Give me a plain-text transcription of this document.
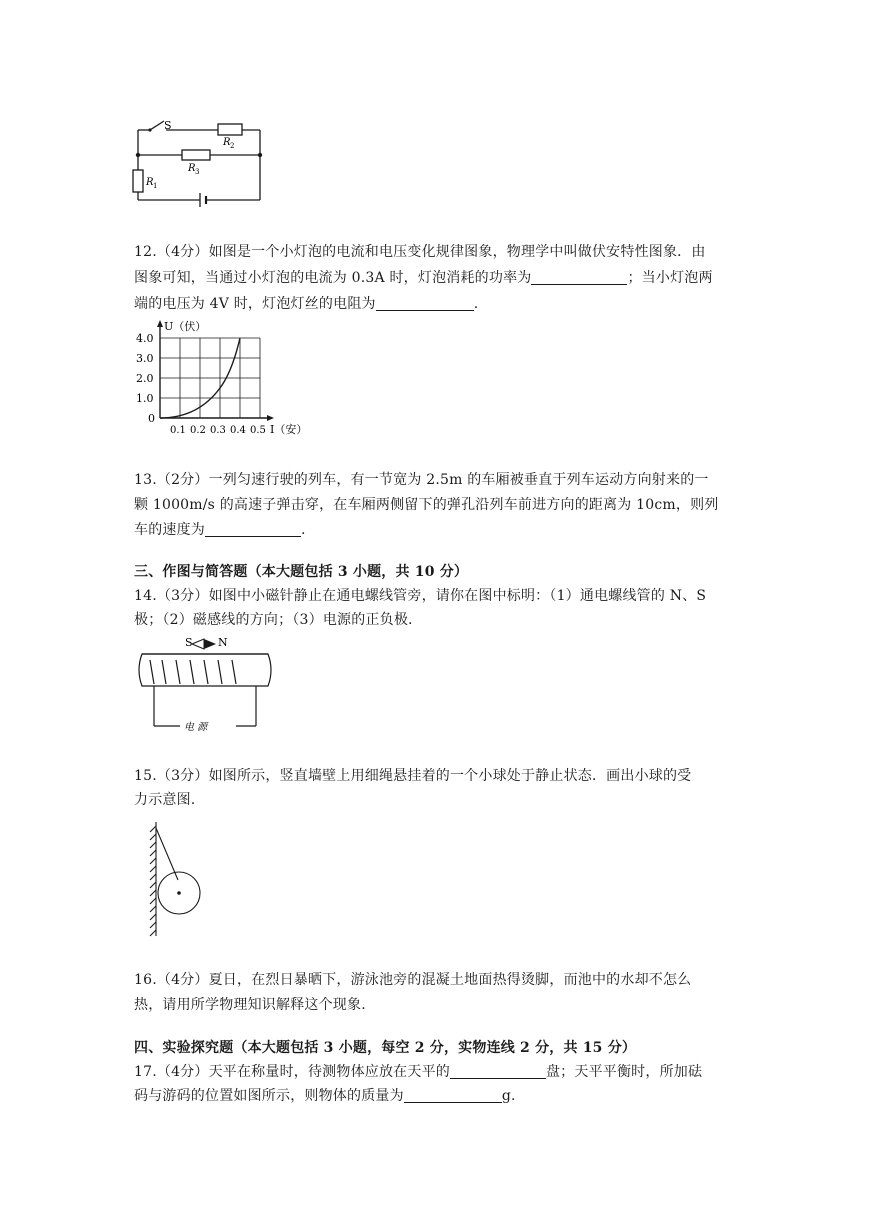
S
R 2
R 3
R 1
12.（4分）如图是一个小灯泡的电流和电压变化规律图象，物理学中叫做伏安特性图象．由
图象可知，当通过小灯泡的电流为 0.3A 时，灯泡消耗的功率为	；当小灯泡两
端的电压为 4V 时，灯泡灯丝的电阻为	.
U（伏）
4.0
3.0
2.0
1.0
0
0.1 0.2 0.3 0.4 0.5 I（安）
13.（2分）一列匀速行驶的列车，有一节宽为 2.5m 的车厢被垂直于列车运动方向射来的一
颗 1000m/s 的高速子弹击穿，在车厢两侧留下的弹孔沿列车前进方向的距离为 10cm，则列
车的速度为	.
三、作图与简答题（本大题包括 3 小题，共 10 分）
14.（3分）如图中小磁针静止在通电螺线管旁，请你在图中标明：（1）通电螺线管的 N、S
极；（2）磁感线的方向；（3）电源的正负极.
S N
电 源
15.（3分）如图所示，竖直墙壁上用细绳悬挂着的一个小球处于静止状态．画出小球的受
力示意图.
16.（4分）夏日，在烈日暴晒下，游泳池旁的混凝土地面热得烫脚，而池中的水却不怎么
热，请用所学物理知识解释这个现象.
四、实验探究题（本大题包括 3 小题，每空 2 分，实物连线 2 分，共 15 分）
17.（4分）天平在称量时，待测物体应放在天平的	盘；天平平衡时，所加砝
码与游码的位置如图所示，则物体的质量为	g.
